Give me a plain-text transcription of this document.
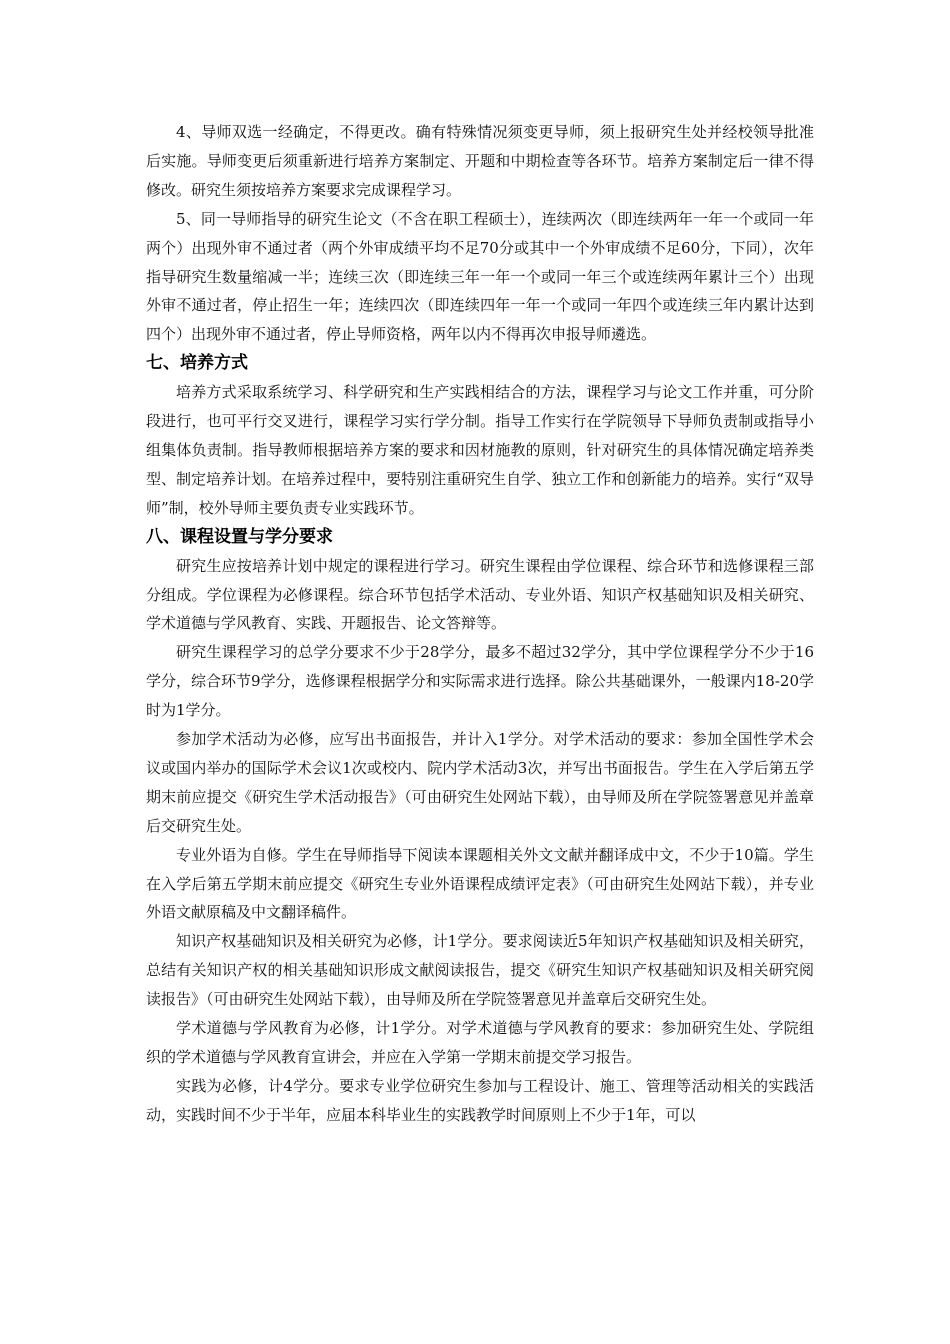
4、导师双选一经确定，不得更改。确有特殊情况须变更导师，须上报研究生处并经校领导批准后实施。导师变更后须重新进行培养方案制定、开题和中期检查等各环节。培养方案制定后一律不得修改。研究生须按培养方案要求完成课程学习。

5、同一导师指导的研究生论文（不含在职工程硕士），连续两次（即连续两年一年一个或同一年两个）出现外审不通过者（两个外审成绩平均不足70分或其中一个外审成绩不足60分，下同），次年指导研究生数量缩减一半；连续三次（即连续三年一年一个或同一年三个或连续两年累计三个）出现外审不通过者，停止招生一年；连续四次（即连续四年一年一个或同一年四个或连续三年内累计达到四个）出现外审不通过者，停止导师资格，两年以内不得再次申报导师遴选。

七、培养方式

培养方式采取系统学习、科学研究和生产实践相结合的方法，课程学习与论文工作并重，可分阶段进行，也可平行交叉进行，课程学习实行学分制。指导工作实行在学院领导下导师负责制或指导小组集体负责制。指导教师根据培养方案的要求和因材施教的原则，针对研究生的具体情况确定培养类型、制定培养计划。在培养过程中，要特别注重研究生自学、独立工作和创新能力的培养。实行“双导师”制，校外导师主要负责专业实践环节。

八、课程设置与学分要求

研究生应按培养计划中规定的课程进行学习。研究生课程由学位课程、综合环节和选修课程三部分组成。学位课程为必修课程。综合环节包括学术活动、专业外语、知识产权基础知识及相关研究、学术道德与学风教育、实践、开题报告、论文答辩等。

研究生课程学习的总学分要求不少于28学分，最多不超过32学分，其中学位课程学分不少于16学分，综合环节9学分，选修课程根据学分和实际需求进行选择。除公共基础课外，一般课内18-20学时为1学分。

参加学术活动为必修，应写出书面报告，并计入1学分。对学术活动的要求：参加全国性学术会议或国内举办的国际学术会议1次或校内、院内学术活动3次，并写出书面报告。学生在入学后第五学期末前应提交《研究生学术活动报告》（可由研究生处网站下载），由导师及所在学院签署意见并盖章后交研究生处。

专业外语为自修。学生在导师指导下阅读本课题相关外文文献并翻译成中文，不少于10篇。学生在入学后第五学期末前应提交《研究生专业外语课程成绩评定表》（可由研究生处网站下载），并专业外语文献原稿及中文翻译稿件。

知识产权基础知识及相关研究为必修，计1学分。要求阅读近5年知识产权基础知识及相关研究，总结有关知识产权的相关基础知识形成文献阅读报告，提交《研究生知识产权基础知识及相关研究阅读报告》（可由研究生处网站下载），由导师及所在学院签署意见并盖章后交研究生处。

学术道德与学风教育为必修，计1学分。对学术道德与学风教育的要求：参加研究生处、学院组织的学术道德与学风教育宣讲会，并应在入学第一学期末前提交学习报告。

实践为必修，计4学分。要求专业学位研究生参加与工程设计、施工、管理等活动相关的实践活动，实践时间不少于半年，应届本科毕业生的实践教学时间原则上不少于1年，可以
